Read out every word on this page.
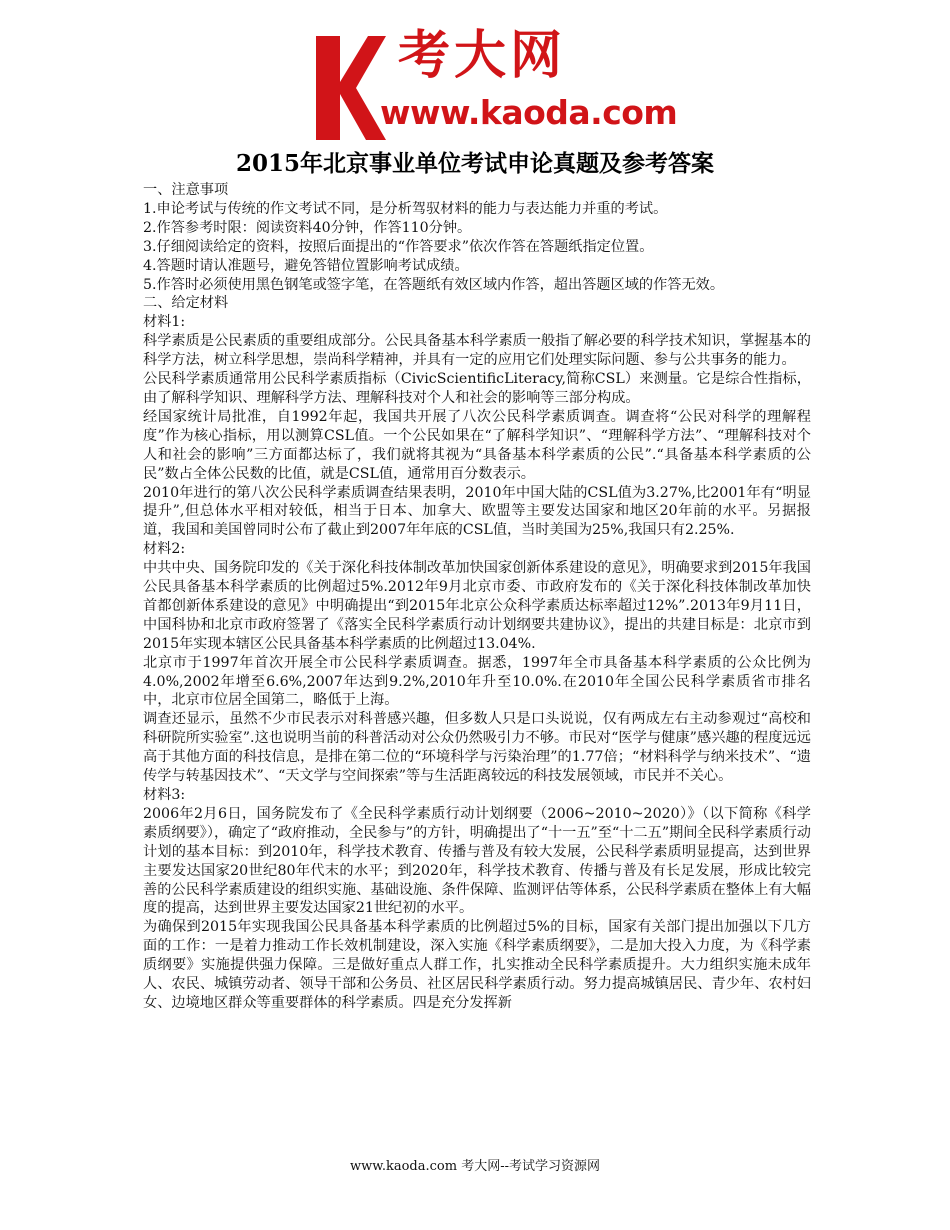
考大网
www.kaoda.com
2015年北京事业单位考试申论真题及参考答案

一、注意事项

1.申论考试与传统的作文考试不同，是分析驾驭材料的能力与表达能力并重的考试。

2.作答参考时限：阅读资料40分钟，作答110分钟。

3.仔细阅读给定的资料，按照后面提出的“作答要求”依次作答在答题纸指定位置。

4.答题时请认准题号，避免答错位置影响考试成绩。

5.作答时必须使用黑色钢笔或签字笔，在答题纸有效区域内作答，超出答题区域的作答无效。

二、给定材料

材料1:

科学素质是公民素质的重要组成部分。公民具备基本科学素质一般指了解必要的科学技术知识，掌握基本的科学方法，树立科学思想，崇尚科学精神，并具有一定的应用它们处理实际问题、参与公共事务的能力。

公民科学素质通常用公民科学素质指标（CivicScientificLiteracy,简称CSL）来测量。它是综合性指标，由了解科学知识、理解科学方法、理解科技对个人和社会的影响等三部分构成。

经国家统计局批准，自1992年起，我国共开展了八次公民科学素质调查。调查将“公民对科学的理解程度”作为核心指标，用以测算CSL值。一个公民如果在“了解科学知识”、“理解科学方法”、“理解科技对个人和社会的影响”三方面都达标了，我们就将其视为“具备基本科学素质的公民”.“具备基本科学素质的公民”数占全体公民数的比值，就是CSL值，通常用百分数表示。

2010年进行的第八次公民科学素质调查结果表明，2010年中国大陆的CSL值为3.27%,比2001年有“明显提升”,但总体水平相对较低，相当于日本、加拿大、欧盟等主要发达国家和地区20年前的水平。另据报道，我国和美国曾同时公布了截止到2007年年底的CSL值，当时美国为25%,我国只有2.25%.

材料2:

中共中央、国务院印发的《关于深化科技体制改革加快国家创新体系建设的意见》，明确要求到2015年我国公民具备基本科学素质的比例超过5%.2012年9月北京市委、市政府发布的《关于深化科技体制改革加快首都创新体系建设的意见》中明确提出“到2015年北京公众科学素质达标率超过12%”.2013年9月11日，中国科协和北京市政府签署了《落实全民科学素质行动计划纲要共建协议》，提出的共建目标是：北京市到2015年实现本辖区公民具备基本科学素质的比例超过13.04%.

北京市于1997年首次开展全市公民科学素质调查。据悉，1997年全市具备基本科学素质的公众比例为4.0%,2002年增至6.6%,2007年达到9.2%,2010年升至10.0%.在2010年全国公民科学素质省市排名中，北京市位居全国第二，略低于上海。

调查还显示，虽然不少市民表示对科普感兴趣，但多数人只是口头说说，仅有两成左右主动参观过“高校和科研院所实验室”.这也说明当前的科普活动对公众仍然吸引力不够。市民对“医学与健康”感兴趣的程度远远高于其他方面的科技信息，是排在第二位的“环境科学与污染治理”的1.77倍；“材料科学与纳米技术”、“遗传学与转基因技术”、“天文学与空间探索”等与生活距离较远的科技发展领域，市民并不关心。

材料3:

2006年2月6日，国务院发布了《全民科学素质行动计划纲要（2006~2010~2020）》（以下简称《科学素质纲要》），确定了“政府推动，全民参与”的方针，明确提出了“十一五”至“十二五”期间全民科学素质行动计划的基本目标：到2010年，科学技术教育、传播与普及有较大发展，公民科学素质明显提高，达到世界主要发达国家20世纪80年代末的水平；到2020年，科学技术教育、传播与普及有长足发展，形成比较完善的公民科学素质建设的组织实施、基础设施、条件保障、监测评估等体系，公民科学素质在整体上有大幅度的提高，达到世界主要发达国家21世纪初的水平。

为确保到2015年实现我国公民具备基本科学素质的比例超过5%的目标，国家有关部门提出加强以下几方面的工作：一是着力推动工作长效机制建设，深入实施《科学素质纲要》，二是加大投入力度，为《科学素质纲要》实施提供强力保障。三是做好重点人群工作，扎实推动全民科学素质提升。大力组织实施未成年人、农民、城镇劳动者、领导干部和公务员、社区居民科学素质行动。努力提高城镇居民、青少年、农村妇女、边境地区群众等重要群体的科学素质。四是充分发挥新

www.kaoda.com 考大网--考试学习资源网
